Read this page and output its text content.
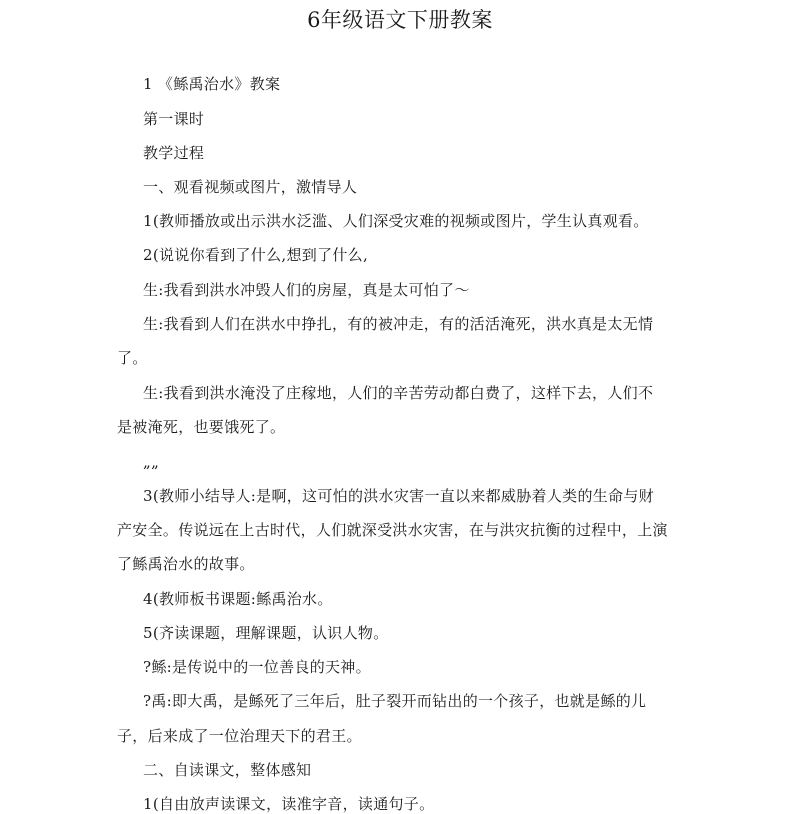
6年级语文下册教案
1 《鲧禹治水》教案
第一课时
教学过程
一、观看视频或图片，激情导人
1(教师播放或出示洪水泛滥、人们深受灾难的视频或图片，学生认真观看。
2(说说你看到了什么,想到了什么,
生:我看到洪水冲毁人们的房屋，真是太可怕了～
生:我看到人们在洪水中挣扎，有的被冲走，有的活活淹死，洪水真是太无情
了。
生:我看到洪水淹没了庄稼地，人们的辛苦劳动都白费了，这样下去，人们不
是被淹死，也要饿死了。
„„
3(教师小结导人:是啊，这可怕的洪水灾害一直以来都威胁着人类的生命与财
产安全。传说远在上古时代，人们就深受洪水灾害，在与洪灾抗衡的过程中，上演
了鲧禹治水的故事。
4(教师板书课题:鲧禹治水。
5(齐读课题，理解课题，认识人物。
?鲧:是传说中的一位善良的天神。
?禹:即大禹，是鲧死了三年后，肚子裂开而钻出的一个孩子，也就是鲧的儿
子，后来成了一位治理天下的君王。
二、自读课文，整体感知
1(自由放声读课文，读准字音，读通句子。
